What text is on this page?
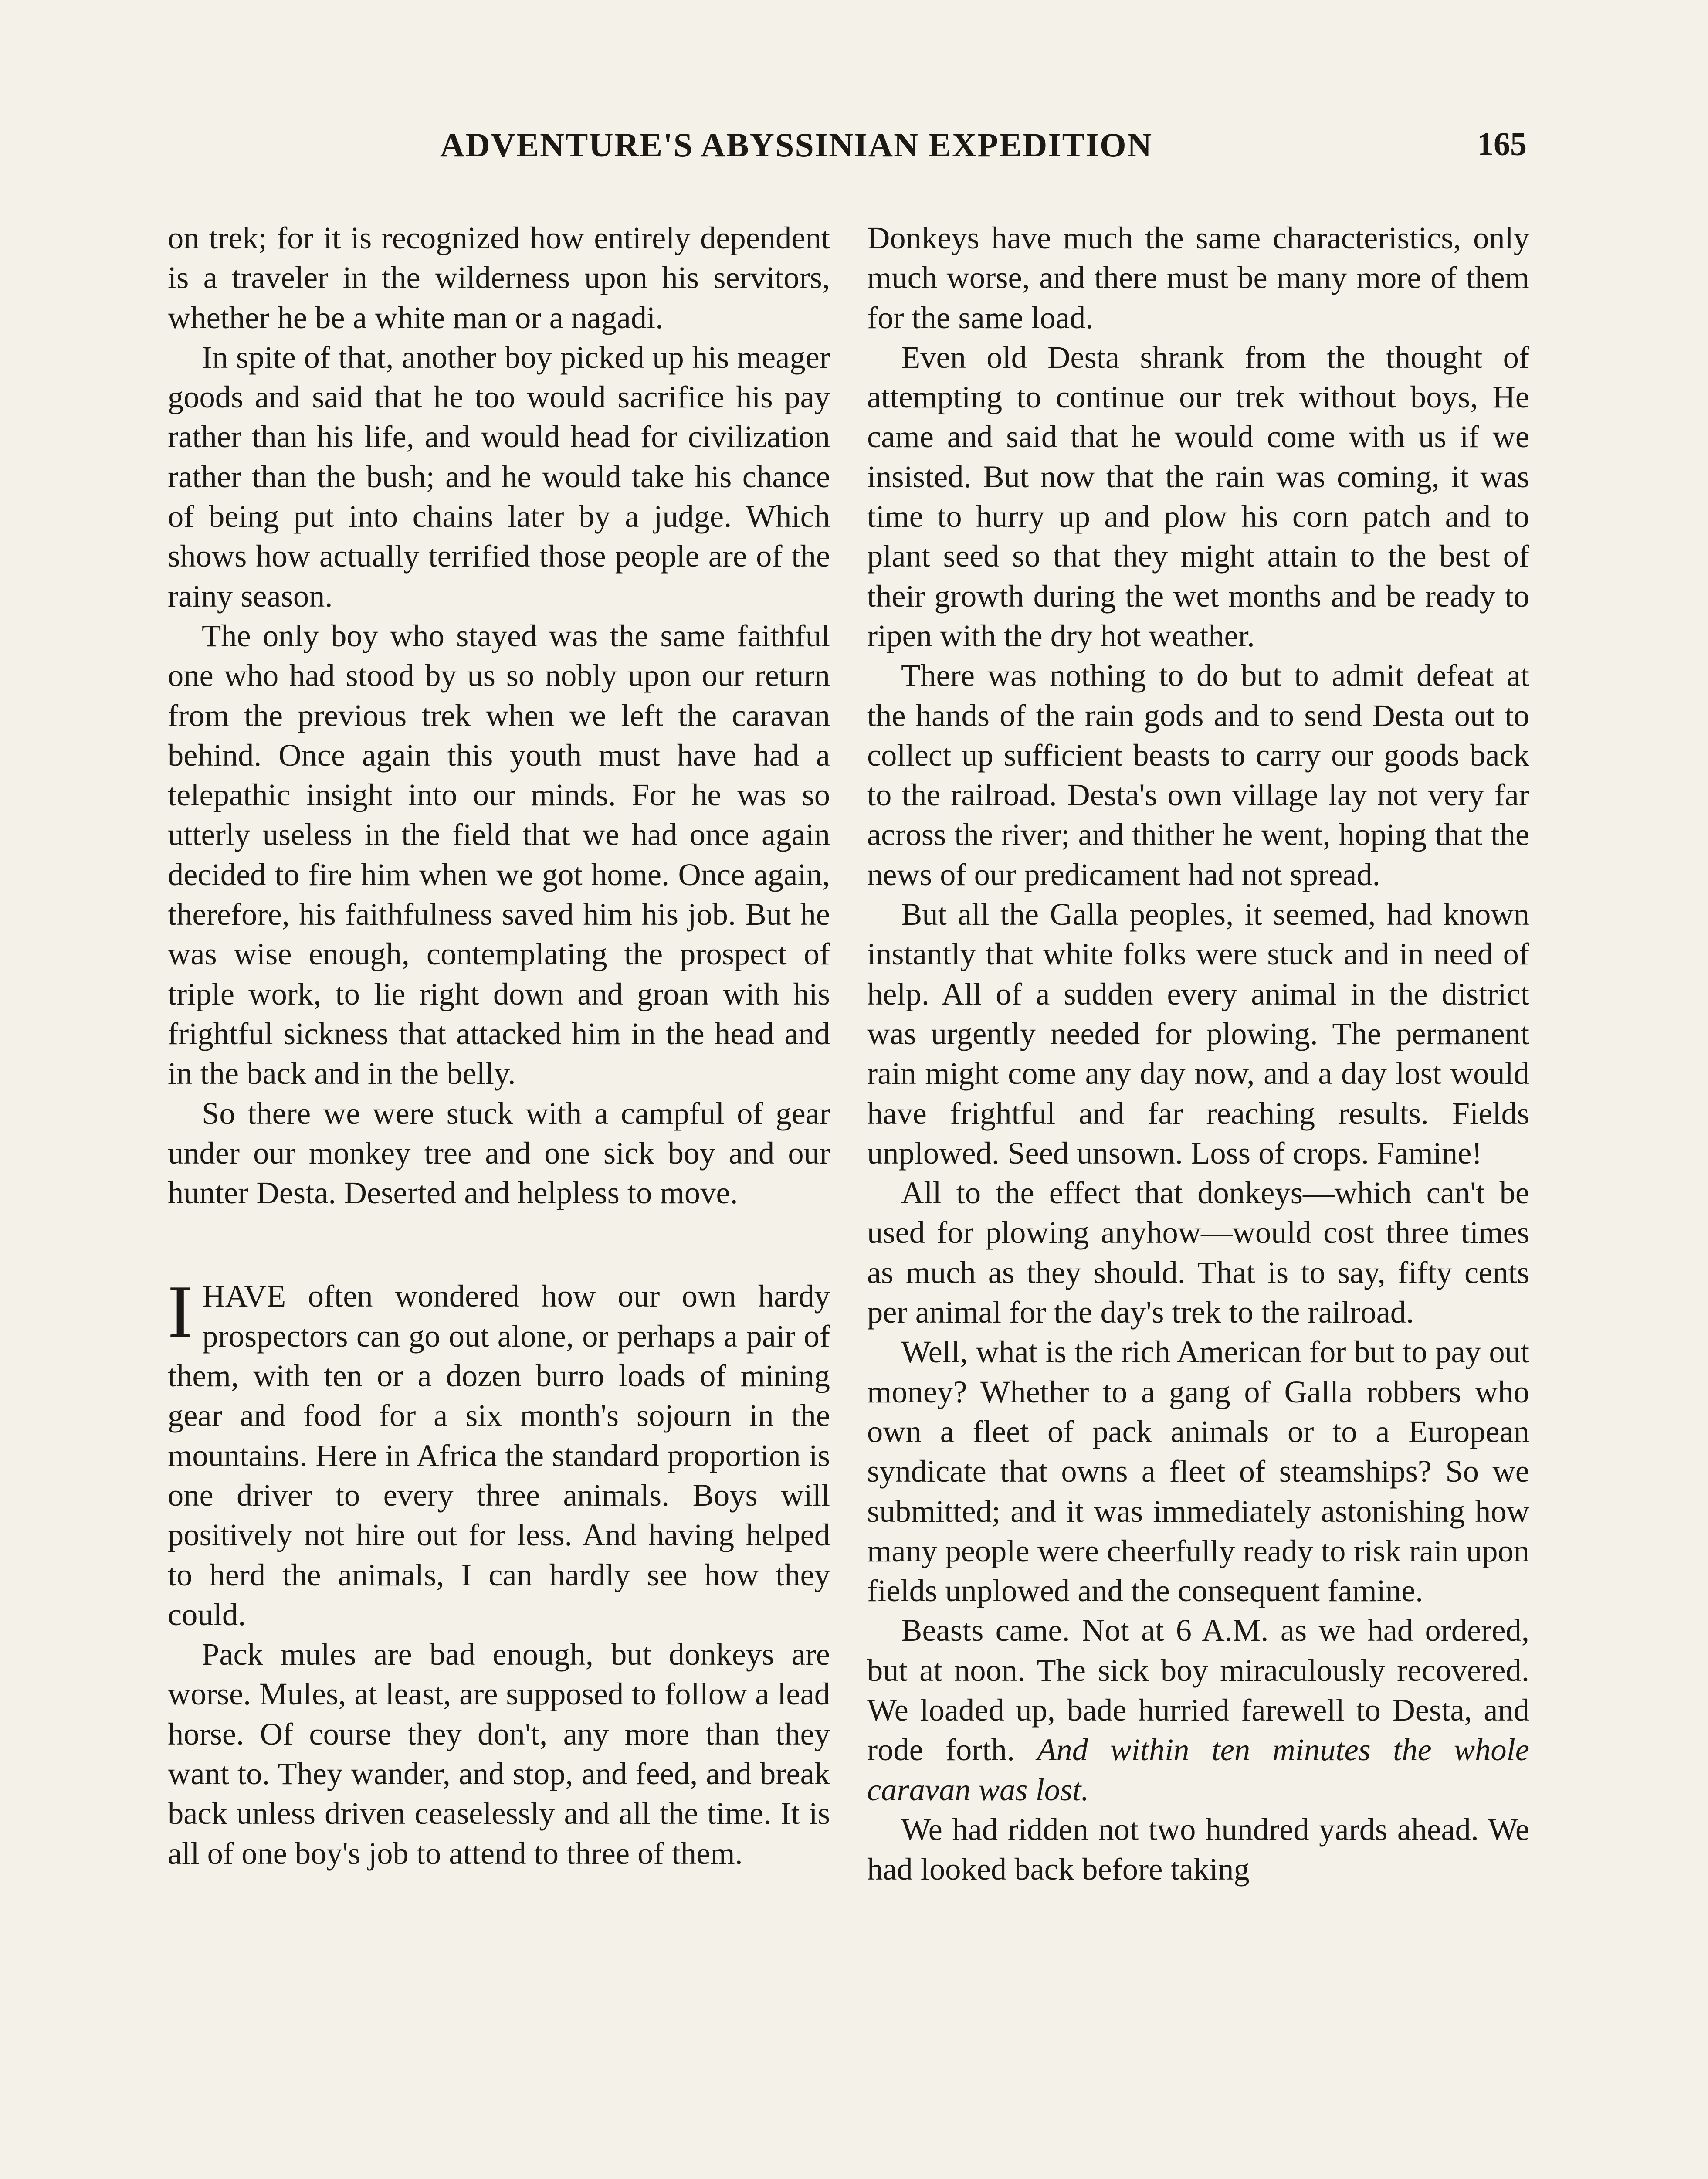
ADVENTURE'S ABYSSINIAN EXPEDITION	165

on trek; for it is recognized how entirely dependent is a traveler in the wilderness upon his servitors, whether he be a white man or a nagadi.

In spite of that, another boy picked up his meager goods and said that he too would sacrifice his pay rather than his life, and would head for civilization rather than the bush; and he would take his chance of being put into chains later by a judge. Which shows how actually terrified those people are of the rainy season.

The only boy who stayed was the same faithful one who had stood by us so nobly upon our return from the previous trek when we left the caravan behind. Once again this youth must have had a telepathic insight into our minds. For he was so utterly useless in the field that we had once again decided to fire him when we got home. Once again, therefore, his faithfulness saved him his job. But he was wise enough, contemplating the prospect of triple work, to lie right down and groan with his frightful sickness that attacked him in the head and in the back and in the belly.

So there we were stuck with a campful of gear under our monkey tree and one sick boy and our hunter Desta. Deserted and helpless to move.

IHAVE often wondered how our own hardy prospectors can go out alone, or perhaps a pair of them, with ten or a dozen burro loads of mining gear and food for a six month's sojourn in the mountains. Here in Africa the standard proportion is one driver to every three animals. Boys will positively not hire out for less. And having helped to herd the animals, I can hardly see how they could.

Pack mules are bad enough, but donkeys are worse. Mules, at least, are supposed to follow a lead horse. Of course they don't, any more than they want to. They wander, and stop, and feed, and break back unless driven ceaselessly and all the time. It is all of one boy's job to attend to three of them.

Donkeys have much the same characteristics, only much worse, and there must be many more of them for the same load.

Even old Desta shrank from the thought of attempting to continue our trek without boys, He came and said that he would come with us if we insisted. But now that the rain was coming, it was time to hurry up and plow his corn patch and to plant seed so that they might attain to the best of their growth during the wet months and be ready to ripen with the dry hot weather.

There was nothing to do but to admit defeat at the hands of the rain gods and to send Desta out to collect up sufficient beasts to carry our goods back to the railroad. Desta's own village lay not very far across the river; and thither he went, hoping that the news of our predicament had not spread.

But all the Galla peoples, it seemed, had known instantly that white folks were stuck and in need of help. All of a sudden every animal in the district was urgently needed for plowing. The permanent rain might come any day now, and a day lost would have frightful and far reaching results. Fields unplowed. Seed unsown. Loss of crops. Famine!

All to the effect that donkeys—which can't be used for plowing anyhow—would cost three times as much as they should. That is to say, fifty cents per animal for the day's trek to the railroad.

Well, what is the rich American for but to pay out money? Whether to a gang of Galla robbers who own a fleet of pack animals or to a European syndicate that owns a fleet of steamships? So we submitted; and it was immediately astonishing how many people were cheerfully ready to risk rain upon fields unplowed and the consequent famine.

Beasts came. Not at 6 A.M. as we had ordered, but at noon. The sick boy miraculously recovered. We loaded up, bade hurried farewell to Desta, and rode forth. And within ten minutes the whole caravan was lost.

We had ridden not two hundred yards ahead. We had looked back before taking
